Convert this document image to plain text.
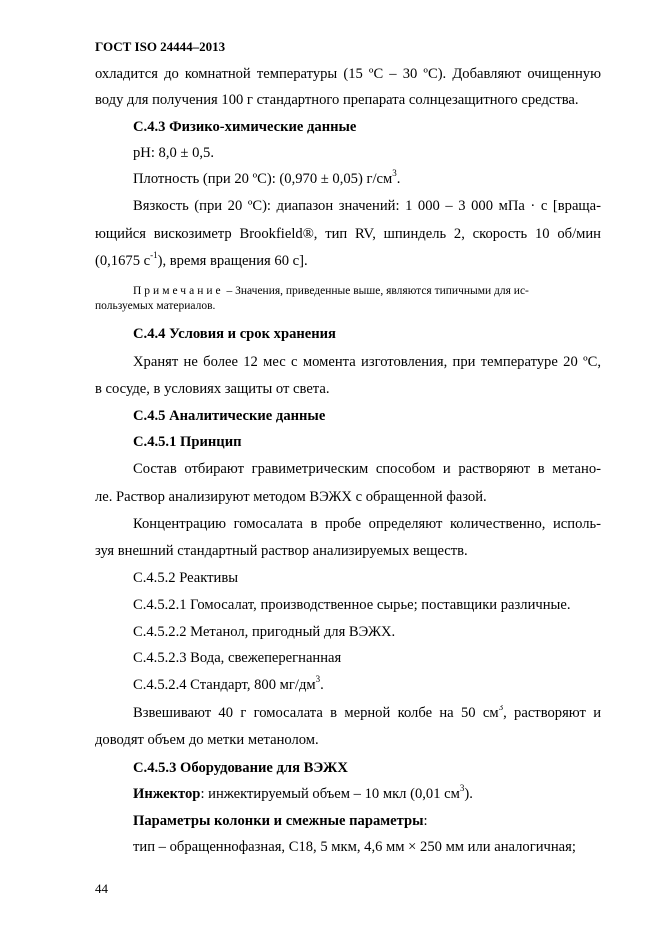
ГОСТ ISO 24444–2013
охладится до комнатной температуры (15 ºС – 30 ºС). Добавляют очищенную
воду для получения 100 г стандартного препарата солнцезащитного средства.
С.4.3 Физико-химические данные
pH: 8,0 ± 0,5.
Плотность (при 20 ºС): (0,970 ± 0,05) $г/см^3$.
Вязкость (при 20 ºС): диапазон значений: 1 000 – 3 000 мПа · с [враща-
ющийся вискозиметр Brookfield®, тип RV, шпиндель 2, скорость 10 об/мин
(0,1675 $с^{-1}$), время вращения 60 с].
Примечание – Значения, приведенные выше, являются типичными для ис-
пользуемых материалов.
С.4.4 Условия и срок хранения
Хранят не более 12 мес с момента изготовления, при температуре 20 ºС,
в сосуде, в условиях защиты от света.
С.4.5 Аналитические данные
С.4.5.1 Принцип
Состав отбирают гравиметрическим способом и растворяют в метано-
ле. Раствор анализируют методом ВЭЖХ с обращенной фазой.
Концентрацию гомосалата в пробе определяют количественно, исполь-
зуя внешний стандартный раствор анализируемых веществ.
С.4.5.2 Реактивы
С.4.5.2.1 Гомосалат, производственное сырье; поставщики различные.
С.4.5.2.2 Метанол, пригодный для ВЭЖХ.
С.4.5.2.3 Вода, свежеперегнанная
С.4.5.2.4 Стандарт, 800 $мг/дм^3$.
Взвешивают 40 г гомосалата в мерной колбе на 50 $см^3$, растворяют и
доводят объем до метки метанолом.
С.4.5.3 Оборудование для ВЭЖХ
Инжектор: инжектируемый объем – 10 мкл (0,01 $см^3$).
Параметры колонки и смежные параметры:
тип – обращеннофазная, С18, 5 мкм, 4,6 мм × 250 мм или аналогичная;
44
